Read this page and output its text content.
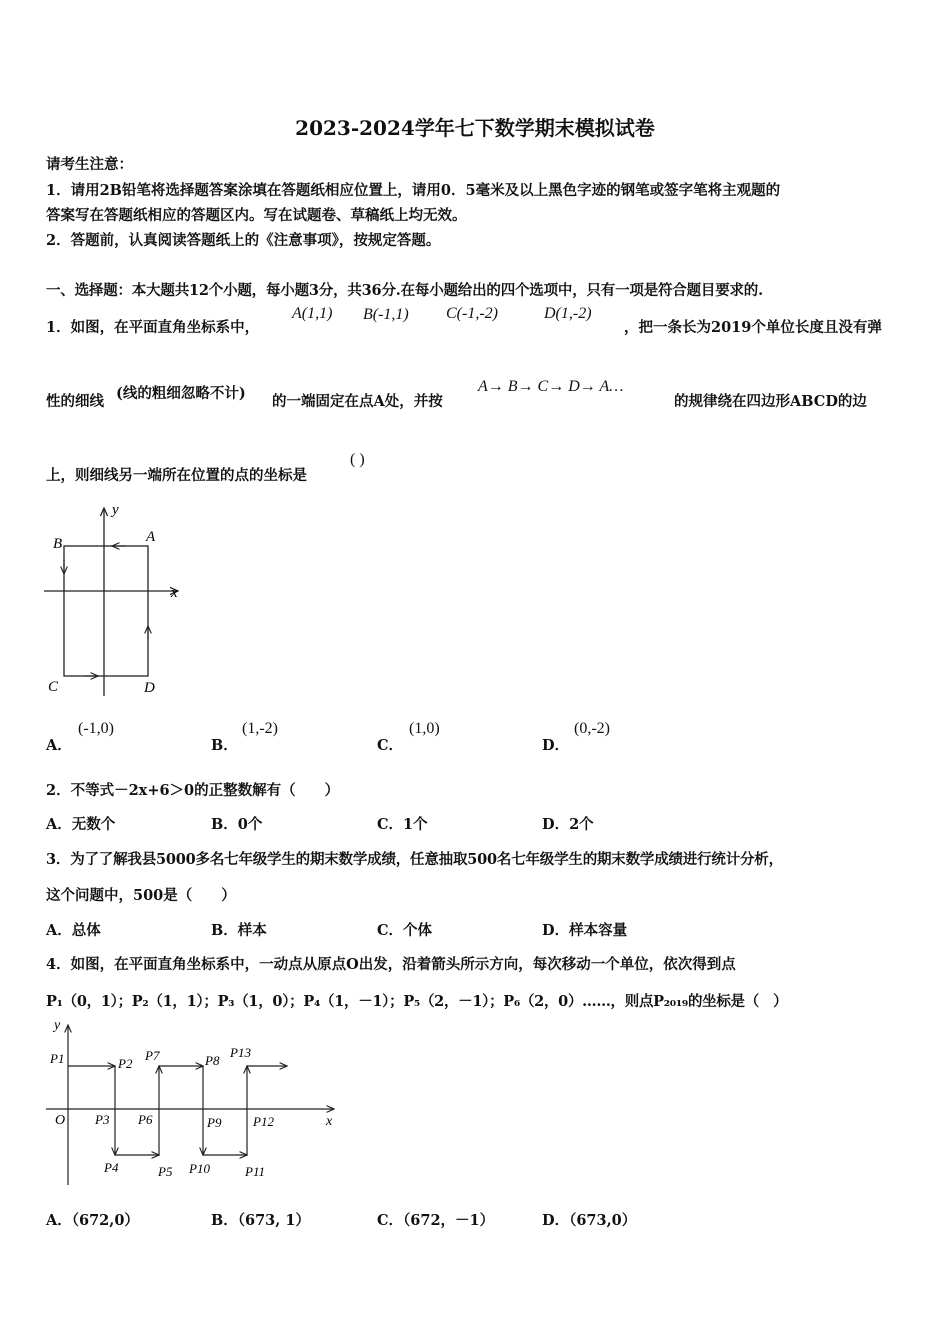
2023-2024学年七下数学期末模拟试卷
请考生注意：
1．请用2B铅笔将选择题答案涂填在答题纸相应位置上，请用0．5毫米及以上黑色字迹的钢笔或签字笔将主观题的
答案写在答题纸相应的答题区内。写在试题卷、草稿纸上均无效。
2．答题前，认真阅读答题纸上的《注意事项》，按规定答题。
一、选择题：本大题共12个小题，每小题3分，共36分.在每小题给出的四个选项中，只有一项是符合题目要求的.
1．如图，在平面直角坐标系中，
A(1,1) B(-1,1) C(-1,-2)	D(1,-2)
，把一条长为2019个单位长度且没有弹
性的细线 (线的粗细忽略不计) 的一端固定在点A处，并按
A→ B→ C→ D→ A…
的规律绕在四边形ABCD的边
上，则细线另一端所在位置的点的坐标是
( )
B	A
C	D
x
y
A．
(-1,0)
B．
(1,-2)
C．
(1,0)
D．
(0,-2)
2．不等式－2x+6＞0的正整数解有（　　）
A．无数个	B．0个	C．1个	D．2个
3．为了了解我县5000多名七年级学生的期末数学成绩，任意抽取500名七年级学生的期末数学成绩进行统计分析，
这个问题中，500是（　　）
A．总体	B．样本	C．个体	D．样本容量
4．如图，在平面直角坐标系中，一动点从原点O出发，沿着箭头所示方向，每次移动一个单位，依次得到点
P₁（0，1）；P₂（1，1）；P₃（1，0）；P₄（1，－1）；P₅（2，－1）；P₆（2，0）……，则点P₂₀₁₉的坐标是（　）
y
x
O
P1	P2
P3
P4	P5
P6
P7	P8
P9
P10	P11
P12
P13
A．（672,0）	B．（673, 1）	C．（672，－1）	D．（673,0）
